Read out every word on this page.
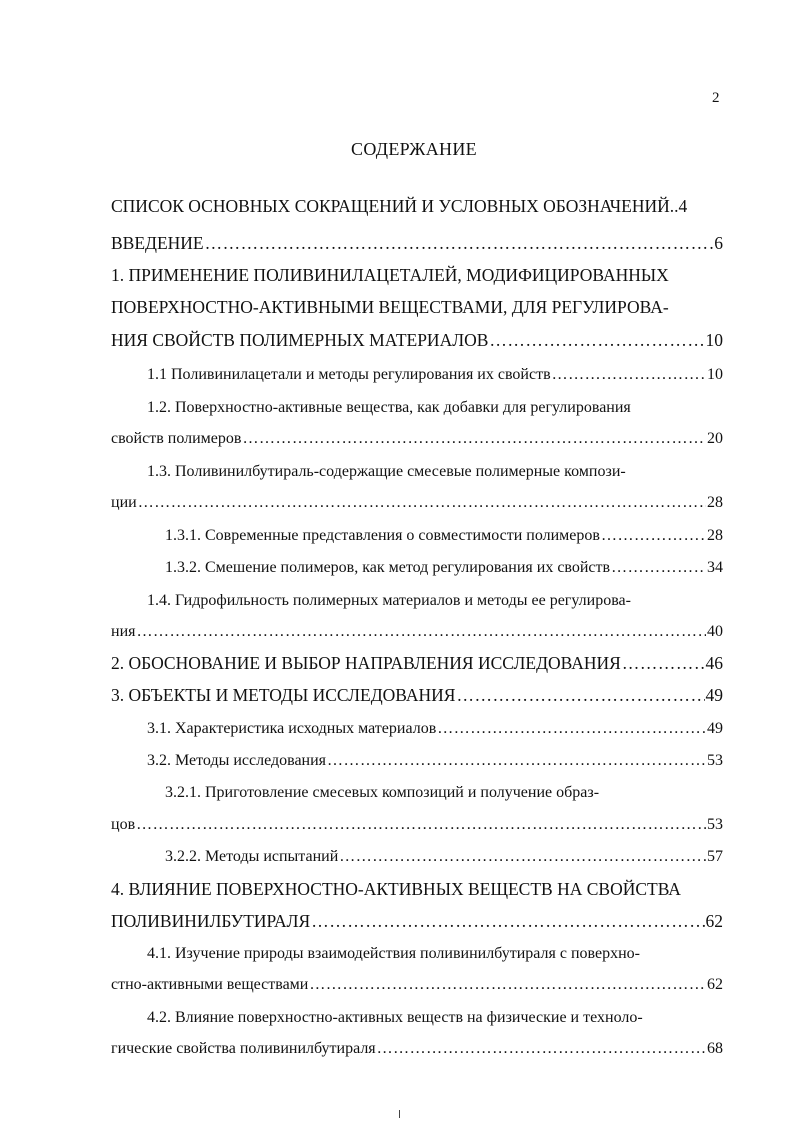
2
СОДЕРЖАНИЕ
СПИСОК ОСНОВНЫХ СОКРАЩЕНИЙ И УСЛОВНЫХ ОБОЗНАЧЕНИЙ.. 4
ВВЕДЕНИЕ ……………………………………………………………………………………………………………………………………………………………	6
1. ПРИМЕНЕНИЕ ПОЛИВИНИЛАЦЕТАЛЕЙ, МОДИФИЦИРОВАННЫХ
ПОВЕРХНОСТНО-АКТИВНЫМИ ВЕЩЕСТВАМИ, ДЛЯ РЕГУЛИРОВА-
НИЯ СВОЙСТВ ПОЛИМЕРНЫХ МАТЕРИАЛОВ ……………………………………………………………………………………………………………………………………………………………	10
1.1 Поливинилацетали и методы регулирования их свойств ……………………………………………………………………………………………………………………………………………………………	10
1.2. Поверхностно-активные вещества, как добавки для регулирования
свойств полимеров ……………………………………………………………………………………………………………………………………………………………	20
1.3. Поливинилбутираль-содержащие смесевые полимерные компози-
ции ……………………………………………………………………………………………………………………………………………………………	28
1.3.1. Современные представления о совместимости полимеров ……………………………………………………………………………………………………………………………………………………………	28
1.3.2. Смешение полимеров, как метод регулирования их свойств ……………………………………………………………………………………………………………………………………………………………	34
1.4. Гидрофильность полимерных материалов и методы ее регулирова-
ния ……………………………………………………………………………………………………………………………………………………………	40
2. ОБОСНОВАНИЕ И ВЫБОР НАПРАВЛЕНИЯ ИССЛЕДОВАНИЯ ……………………………………………………………………………………………………………………………………………………………	46
3. ОБЪЕКТЫ И МЕТОДЫ ИССЛЕДОВАНИЯ ……………………………………………………………………………………………………………………………………………………………	49
3.1. Характеристика исходных материалов ……………………………………………………………………………………………………………………………………………………………	49
3.2. Методы исследования ……………………………………………………………………………………………………………………………………………………………	53
3.2.1. Приготовление смесевых композиций и получение образ-
цов ……………………………………………………………………………………………………………………………………………………………	53
3.2.2. Методы испытаний ……………………………………………………………………………………………………………………………………………………………	57
4. ВЛИЯНИЕ ПОВЕРХНОСТНО-АКТИВНЫХ ВЕЩЕСТВ НА СВОЙСТВА
ПОЛИВИНИЛБУТИРАЛЯ ……………………………………………………………………………………………………………………………………………………………	62
4.1. Изучение природы взаимодействия поливинилбутираля с поверхно-
стно-активными веществами ……………………………………………………………………………………………………………………………………………………………	62
4.2. Влияние поверхностно-активных веществ на физические и техноло-
гические свойства поливинилбутираля ……………………………………………………………………………………………………………………………………………………………	68
